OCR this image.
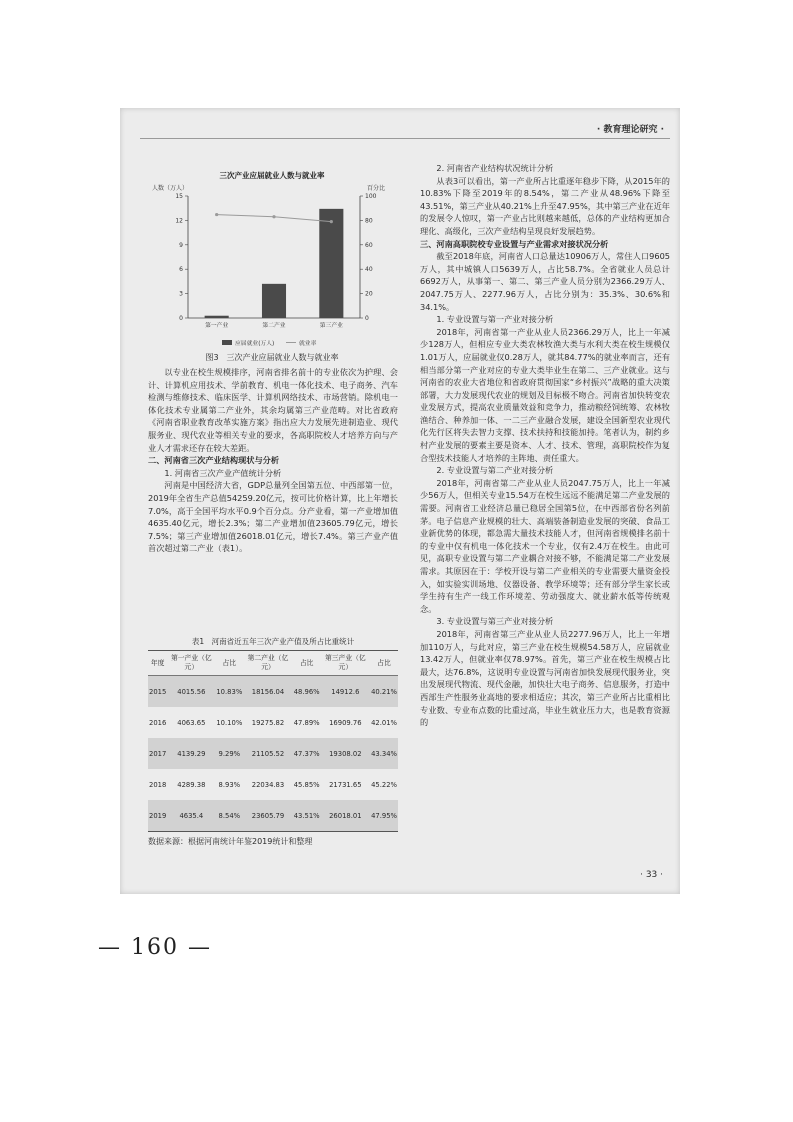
· 教育理论研究 ·
三次产业应届就业人数与就业率
人数（万人）	百分比
0
3
6
9
12
15
0
20
40
60
80
100
第一产业	第二产业	第三产业
应届就业(万人)	就业率
图3　三次产业应届就业人数与就业率

以专业在校生规模排序，河南省排名前十的专业依次为护理、会计、计算机应用技术、学前教育、机电一体化技术、电子商务、汽车检测与维修技术、临床医学、计算机网络技术、市场营销。除机电一体化技术专业属第二产业外，其余均属第三产业范畴。对比省政府《河南省职业教育改革实施方案》指出应大力发展先进制造业、现代服务业、现代农业等相关专业的要求，各高职院校人才培养方向与产业人才需求还存在较大差距。

二、河南省三次产业结构现状与分析

1. 河南省三次产业产值统计分析

河南是中国经济大省，GDP总量列全国第五位、中西部第一位，2019年全省生产总值54259.20亿元，按可比价格计算，比上年增长7.0%，高于全国平均水平0.9个百分点。分产业看，第一产业增加值4635.40亿元，增长2.3%；第二产业增加值23605.79亿元，增长7.5%；第三产业增加值26018.01亿元，增长7.4%。第三产业产值首次超过第二产业（表1）。

表1　河南省近五年三次产业产值及所占比重统计
年度	第一产业（亿元）	占比	第二产业（亿元）	占比	第三产业（亿元）	占比
2015	4015.56	10.83%	18156.04	48.96%	14912.6	40.21%
2016	4063.65	10.10%	19275.82	47.89%	16909.76	42.01%
2017	4139.29	9.29%	21105.52	47.37%	19308.02	43.34%
2018	4289.38	8.93%	22034.83	45.85%	21731.65	45.22%
2019	4635.4	8.54%	23605.79	43.51%	26018.01	47.95%
数据来源：根据河南统计年鉴2019统计和整理

2. 河南省产业结构状况统计分析

从表3可以看出，第一产业所占比重逐年稳步下降，从2015年的10.83%下降至2019年的8.54%，第二产业从48.96%下降至43.51%，第三产业从40.21%上升至47.95%，其中第三产业在近年的发展令人惊叹，第一产业占比则越来越低，总体的产业结构更加合理化、高级化，三次产业结构呈现良好发展趋势。

三、河南高职院校专业设置与产业需求对接状况分析

截至2018年底，河南省人口总量达10906万人，常住人口9605万人，其中城镇人口5639万人，占比58.7%。全省就业人员总计6692万人，从事第一、第二、第三产业人员分别为2366.29万人、2047.75万人、2277.96万人，占比分别为：35.3%、30.6%和34.1%。

1. 专业设置与第一产业对接分析

2018年，河南省第一产业从业人员2366.29万人，比上一年减少128万人，但相应专业大类农林牧渔大类与水利大类在校生规模仅1.01万人，应届就业仅0.28万人，就其84.77%的就业率而言，还有相当部分第一产业对应的专业大类毕业生在第二、三产业就业。这与河南省的农业大省地位和省政府贯彻国家“乡村振兴”战略的重大决策部署，大力发展现代农业的规划及目标极不吻合。河南省加快转变农业发展方式，提高农业质量效益和竞争力，推动粮经饲统筹、农林牧渔结合、种养加一体、一二三产业融合发展，建设全国新型农业现代化先行区将失去智力支撑、技术扶持和技能加持。笔者认为，制约乡村产业发展的要素主要是资本、人才、技术、管理，高职院校作为复合型技术技能人才培养的主阵地、责任重大。

2. 专业设置与第二产业对接分析

2018年，河南省第二产业从业人员2047.75万人，比上一年减少56万人，但相关专业15.54万在校生远远不能满足第二产业发展的需要。河南省工业经济总量已稳居全国第5位，在中西部省份名列前茅。电子信息产业规模的壮大、高端装备制造业发展的突破、食品工业新优势的体现，都急需大量技术技能人才，但河南省规模排名前十的专业中仅有机电一体化技术一个专业，仅有2.4万在校生。由此可见，高职专业设置与第二产业耦合对接不够，不能满足第二产业发展需求。其原因在于：学校开设与第二产业相关的专业需要大量资金投入，如实验实训场地、仪器设备、教学环境等；还有部分学生家长或学生持有生产一线工作环境差、劳动强度大、就业薪水低等传统观念。

3. 专业设置与第三产业对接分析

2018年，河南省第三产业从业人员2277.96万人，比上一年增加110万人，与此对应，第三产业在校生规模54.58万人，应届就业13.42万人，但就业率仅78.97%。首先，第三产业在校生规模占比最大，达76.8%，这说明专业设置与河南省加快发展现代服务业，突出发展现代物流、现代金融，加快壮大电子商务、信息服务，打造中西部生产性服务业高地的要求相适应；其次，第三产业所占比重相比专业数、专业布点数的比重过高，毕业生就业压力大，也是教育资源的

· 33 ·
— 160 —
